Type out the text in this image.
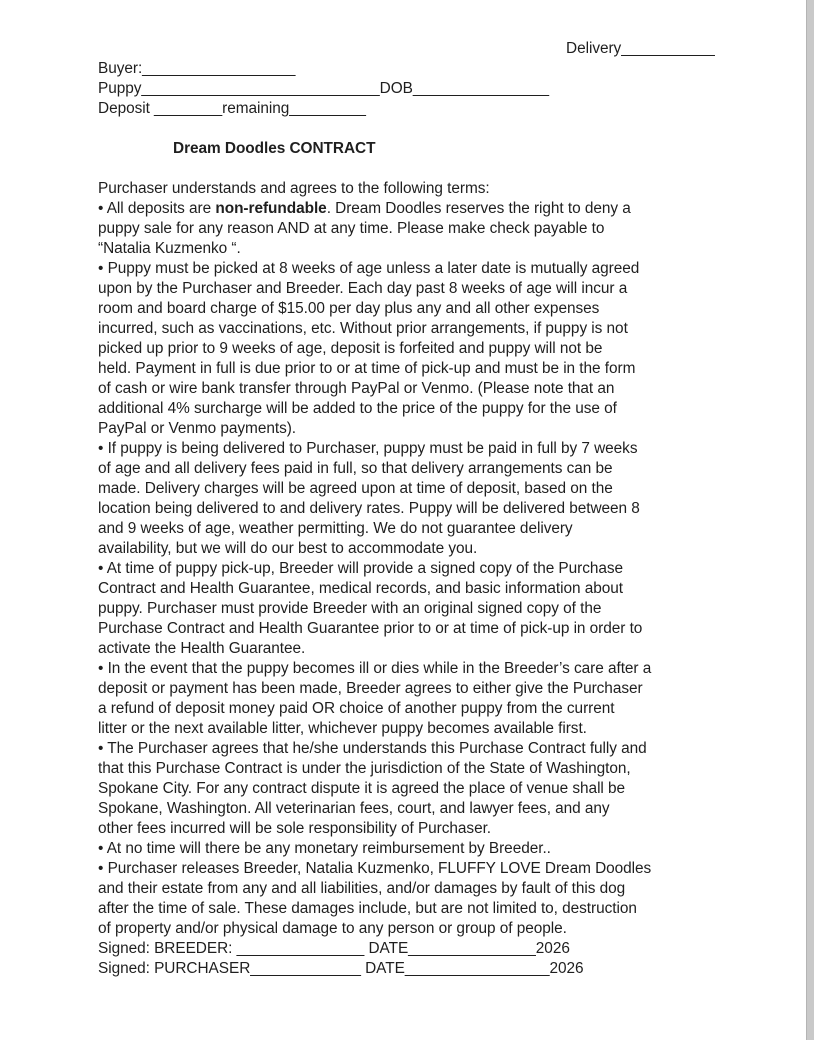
Delivery___________
Buyer:__________________
Puppy____________________________DOB________________
Deposit ________remaining_________
Dream Doodles CONTRACT
Purchaser understands and agrees to the following terms:
• All deposits are non-refundable. Dream Doodles reserves the right to deny a
puppy sale for any reason AND at any time. Please make check payable to
“Natalia Kuzmenko “.
• Puppy must be picked at 8 weeks of age unless a later date is mutually agreed
upon by the Purchaser and Breeder. Each day past 8 weeks of age will incur a
room and board charge of $15.00 per day plus any and all other expenses
incurred, such as vaccinations, etc. Without prior arrangements, if puppy is not
picked up prior to 9 weeks of age, deposit is forfeited and puppy will not be
held. Payment in full is due prior to or at time of pick-up and must be in the form
of cash or wire bank transfer through PayPal or Venmo. (Please note that an
additional 4% surcharge will be added to the price of the puppy for the use of
PayPal or Venmo payments).
• If puppy is being delivered to Purchaser, puppy must be paid in full by 7 weeks
of age and all delivery fees paid in full, so that delivery arrangements can be
made. Delivery charges will be agreed upon at time of deposit, based on the
location being delivered to and delivery rates. Puppy will be delivered between 8
and 9 weeks of age, weather permitting. We do not guarantee delivery
availability, but we will do our best to accommodate you.
• At time of puppy pick-up, Breeder will provide a signed copy of the Purchase
Contract and Health Guarantee, medical records, and basic information about
puppy. Purchaser must provide Breeder with an original signed copy of the
Purchase Contract and Health Guarantee prior to or at time of pick-up in order to
activate the Health Guarantee.
• In the event that the puppy becomes ill or dies while in the Breeder’s care after a
deposit or payment has been made, Breeder agrees to either give the Purchaser
a refund of deposit money paid OR choice of another puppy from the current
litter or the next available litter, whichever puppy becomes available first.
• The Purchaser agrees that he/she understands this Purchase Contract fully and
that this Purchase Contract is under the jurisdiction of the State of Washington,
Spokane City. For any contract dispute it is agreed the place of venue shall be
Spokane, Washington. All veterinarian fees, court, and lawyer fees, and any
other fees incurred will be sole responsibility of Purchaser.
• At no time will there be any monetary reimbursement by Breeder..
• Purchaser releases Breeder, Natalia Kuzmenko, FLUFFY LOVE Dream Doodles
and their estate from any and all liabilities, and/or damages by fault of this dog
after the time of sale. These damages include, but are not limited to, destruction
of property and/or physical damage to any person or group of people.
Signed: BREEDER: _______________ DATE_______________2026
Signed: PURCHASER_____________ DATE_________________2026
